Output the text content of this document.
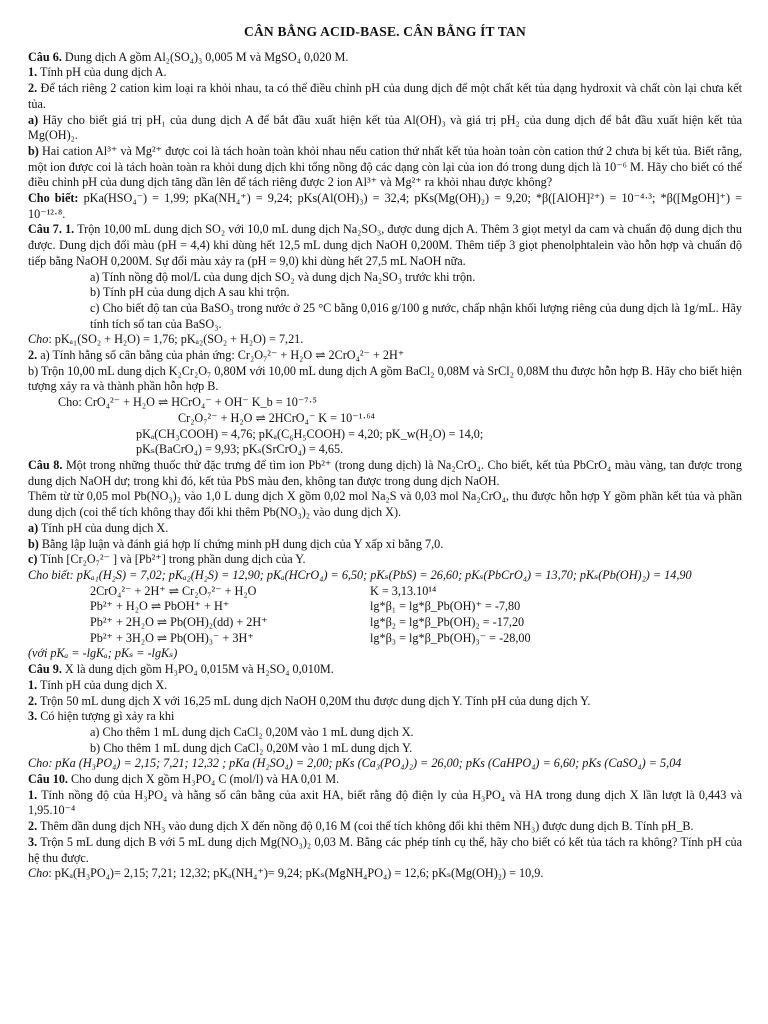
CÂN BẰNG ACID-BASE. CÂN BẰNG ÍT TAN
Câu 6. Dung dịch A gồm Al₂(SO₄)₃ 0,005 M và MgSO₄ 0,020 M.
1. Tính pH của dung dịch A.
2. Để tách riêng 2 cation kim loại ra khỏi nhau, ta có thể điều chỉnh pH của dung dịch để một chất kết tủa dạng hydroxit và chất còn lại chưa kết tủa.
a) Hãy cho biết giá trị pH₁ của dung dịch A để bắt đầu xuất hiện kết tủa Al(OH)₃ và giá trị pH₂ của dung dịch để bắt đầu xuất hiện kết tủa Mg(OH)₂.
b) Hai cation Al³⁺ và Mg²⁺ được coi là tách hoàn toàn khỏi nhau nếu cation thứ nhất kết tủa hoàn toàn còn cation thứ 2 chưa bị kết tủa. Biết rằng, một ion được coi là tách hoàn toàn ra khỏi dung dịch khi tổng nồng độ các dạng còn lại của ion đó trong dung dịch là 10⁻⁶ M. Hãy cho biết có thể điều chỉnh pH của dung dịch tăng dần lên để tách riêng được 2 ion Al³⁺ và Mg²⁺ ra khỏi nhau được không?
Cho biết: pKa(HSO₄⁻) = 1,99; pKa(NH₄⁺) = 9,24; pKs(Al(OH)₃) = 32,4; pKs(Mg(OH)₂) = 9,20; *β([AlOH]²⁺) = 10⁻⁴·³; *β([MgOH]⁺) = 10⁻¹²·⁸.
Câu 7. 1. Trộn 10,00 mL dung dịch SO₂ với 10,0 mL dung dịch Na₂SO₃, được dung dịch A. Thêm 3 giọt metyl da cam và chuẩn độ dung dịch thu được. Dung dịch đổi màu (pH = 4,4) khi dùng hết 12,5 mL dung dịch NaOH 0,200M. Thêm tiếp 3 giọt phenolphtalein vào hỗn hợp và chuẩn độ tiếp bằng NaOH 0,200M. Sự đổi màu xảy ra (pH = 9,0) khi dùng hết 27,5 mL NaOH nữa.
a) Tính nồng độ mol/L của dung dịch SO₂ và dung dịch Na₂SO₃ trước khi trộn.
b) Tính pH của dung dịch A sau khi trộn.
c) Cho biết độ tan của BaSO₃ trong nước ở 25 °C bằng 0,016 g/100 g nước, chấp nhận khối lượng riêng của dung dịch là 1g/mL. Hãy tính tích số tan của BaSO₃.
Cho: pKₐ₁(SO₂ + H₂O) = 1,76; pKₐ₂(SO₂ + H₂O) = 7,21.
2. a) Tính hằng số cân bằng của phản ứng: Cr₂O₇²⁻ + H₂O ⇌ 2CrO₄²⁻ + 2H⁺
b) Trộn 10,00 mL dung dịch K₂Cr₂O₇ 0,80M với 10,00 mL dung dịch A gồm BaCl₂ 0,08M và SrCl₂ 0,08M thu được hỗn hợp B. Hãy cho biết hiện tượng xảy ra và thành phần hỗn hợp B.
Cho: CrO₄²⁻ + H₂O ⇌ HCrO₄⁻ + OH⁻ K_b = 10⁻⁷·⁵
Cr₂O₇²⁻ + H₂O ⇌ 2HCrO₄⁻ K = 10⁻¹·⁶⁴
pKₐ(CH₃COOH) = 4,76; pKₐ(C₆H₅COOH) = 4,20; pK_w(H₂O) = 14,0;
pKₛ(BaCrO₄) = 9,93; pKₛ(SrCrO₄) = 4,65.
Câu 8. Một trong những thuốc thử đặc trưng để tìm ion Pb²⁺ (trong dung dịch) là Na₂CrO₄. Cho biết, kết tủa PbCrO₄ màu vàng, tan được trong dung dịch NaOH dư; trong khi đó, kết tủa PbS màu đen, không tan được trong dung dịch NaOH.
Thêm từ từ 0,05 mol Pb(NO₃)₂ vào 1,0 L dung dịch X gồm 0,02 mol Na₂S và 0,03 mol Na₂CrO₄, thu được hỗn hợp Y gồm phần kết tủa và phần dung dịch (coi thể tích không thay đổi khi thêm Pb(NO₃)₂ vào dung dịch X).
a) Tính pH của dung dịch X.
b) Bằng lập luận và đánh giá hợp lí chứng minh pH dung dịch của Y xấp xỉ bằng 7,0.
c) Tính [Cr₂O₇²⁻ ] và [Pb²⁺] trong phần dung dịch của Y.
Cho biết: pKₐ₁(H₂S) = 7,02; pKₐ₂(H₂S) = 12,90; pKₐ(HCrO₄) = 6,50; pKₛ(PbS) = 26,60; pKₛ(PbCrO₄) = 13,70; pKₛ(Pb(OH)₂) = 14,90
2CrO₄²⁻ + 2H⁺ ⇌ Cr₂O₇²⁻ + H₂O	K = 3,13.10¹⁴
Pb²⁺ + H₂O ⇌ PbOH⁺ + H⁺	lg*β₁ = lg*β_Pb(OH)⁺ = -7,80
Pb²⁺ + 2H₂O ⇌ Pb(OH)₂(dd) + 2H⁺	lg*β₂ = lg*β_Pb(OH)₂ = -17,20
Pb²⁺ + 3H₂O ⇌ Pb(OH)₃⁻ + 3H⁺	lg*β₃ = lg*β_Pb(OH)₃⁻ = -28,00
(với pKₐ = -lgKₐ; pKₛ = -lgKₛ)
Câu 9. X là dung dịch gồm H₃PO₄ 0,015M và H₂SO₄ 0,010M.
1. Tính pH của dung dịch X.
2. Trộn 50 mL dung dịch X với 16,25 mL dung dịch NaOH 0,20M thu được dung dịch Y. Tính pH của dung dịch Y.
3. Có hiện tượng gì xảy ra khi
a) Cho thêm 1 mL dung dịch CaCl₂ 0,20M vào 1 mL dung dịch X.
b) Cho thêm 1 mL dung dịch CaCl₂ 0,20M vào 1 mL dung dịch Y.
Cho: pKa (H₃PO₄) = 2,15; 7,21; 12,32 ; pKa (H₂SO₄) = 2,00; pKs (Ca₃(PO₄)₂) = 26,00; pKs (CaHPO₄) = 6,60; pKs (CaSO₄) = 5,04
Câu 10. Cho dung dịch X gồm H₃PO₄ C (mol/l) và HA 0,01 M.
1. Tính nồng độ của H₃PO₄ và hằng số cân bằng của axit HA, biết rằng độ điện ly của H₃PO₄ và HA trong dung dịch X lần lượt là 0,443 và 1,95.10⁻⁴
2. Thêm dần dung dịch NH₃ vào dung dịch X đến nồng độ 0,16 M (coi thể tích không đổi khi thêm NH₃) được dung dịch B. Tính pH_B.
3. Trộn 5 mL dung dịch B với 5 mL dung dịch Mg(NO₃)₂ 0,03 M. Bằng các phép tính cụ thể, hãy cho biết có kết tủa tách ra không? Tính pH của hệ thu được.
Cho: pKₐ(H₃PO₄)= 2,15; 7,21; 12,32; pKₐ(NH₄⁺)= 9,24; pKₛ(MgNH₄PO₄) = 12,6; pKₛ(Mg(OH)₂) = 10,9.
